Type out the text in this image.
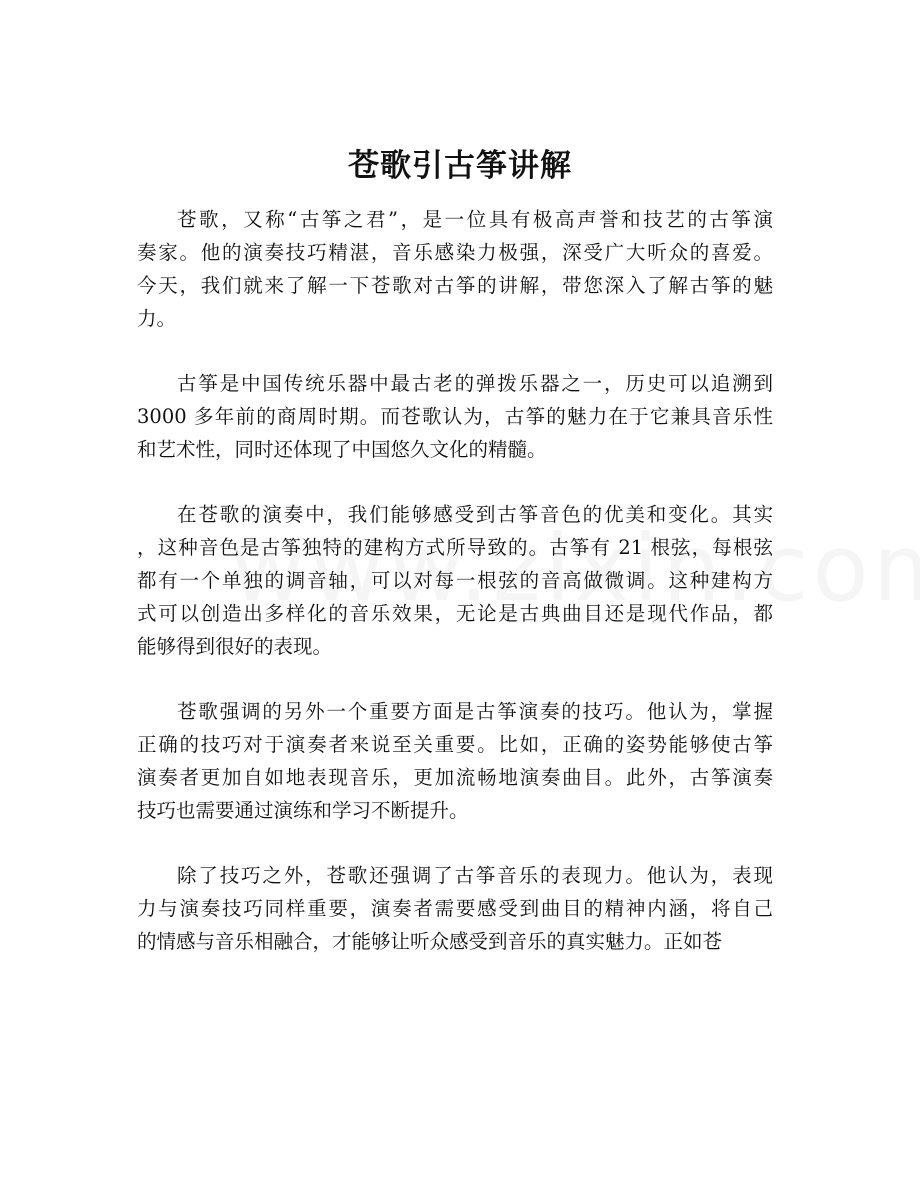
苍歌引古筝讲解

苍歌，又称“古筝之君”，是一位具有极高声誉和技艺的古筝演
奏家。他的演奏技巧精湛，音乐感染力极强，深受广大听众的喜爱。
今天，我们就来了解一下苍歌对古筝的讲解，带您深入了解古筝的魅
力。

古筝是中国传统乐器中最古老的弹拨乐器之一，历史可以追溯到
3000 多年前的商周时期。而苍歌认为，古筝的魅力在于它兼具音乐性
和艺术性，同时还体现了中国悠久文化的精髓。

在苍歌的演奏中，我们能够感受到古筝音色的优美和变化。其实
，这种音色是古筝独特的建构方式所导致的。古筝有 21 根弦，每根弦
都有一个单独的调音轴，可以对每一根弦的音高做微调。这种建构方
式可以创造出多样化的音乐效果，无论是古典曲目还是现代作品，都
能够得到很好的表现。

苍歌强调的另外一个重要方面是古筝演奏的技巧。他认为，掌握
正确的技巧对于演奏者来说至关重要。比如，正确的姿势能够使古筝
演奏者更加自如地表现音乐，更加流畅地演奏曲目。此外，古筝演奏
技巧也需要通过演练和学习不断提升。

除了技巧之外，苍歌还强调了古筝音乐的表现力。他认为，表现
力与演奏技巧同样重要，演奏者需要感受到曲目的精神内涵，将自己
的情感与音乐相融合，才能够让听众感受到音乐的真实魅力。正如苍
